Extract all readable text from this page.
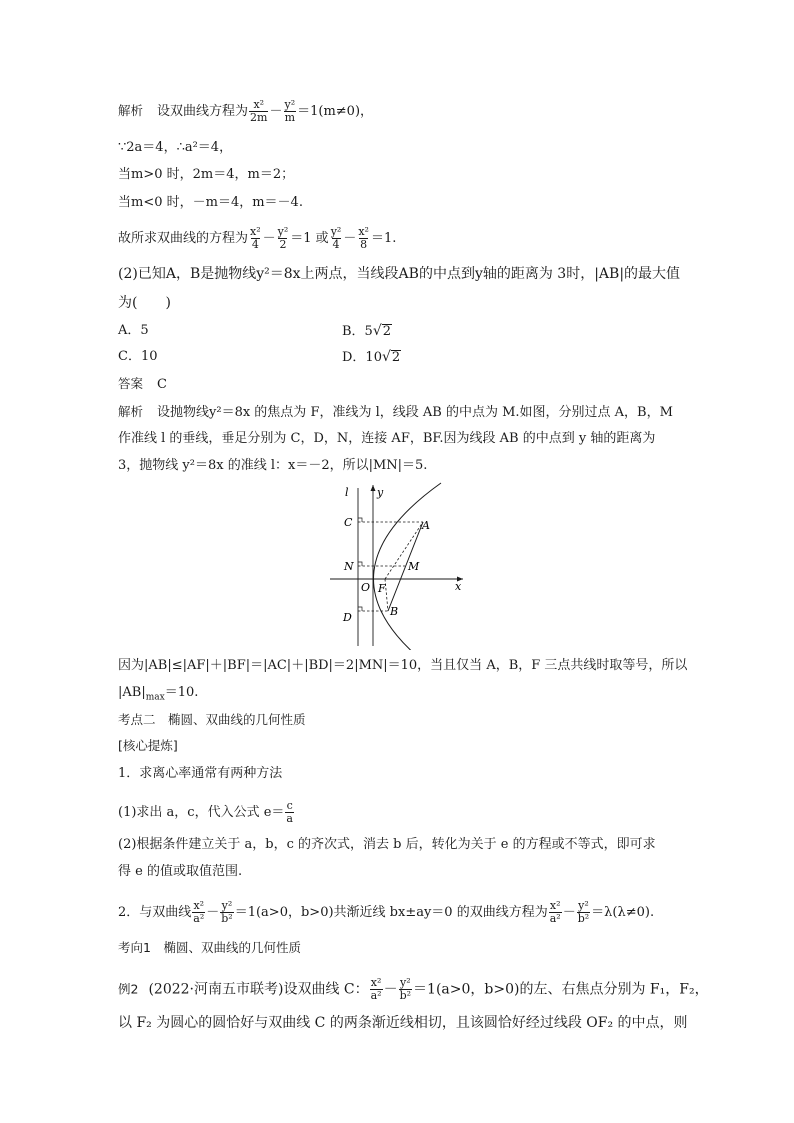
解析 设双曲线方程为 $\frac{\text{x²}}{2m} - \frac{\text{y²}}{m} =1(m\ne 0)$，
∵2a＝4，∴a²＝4，
当m>0 时，2m＝4，m＝2；
当m<0 时，－m＝4，m＝－4.
故所求双曲线的方程为 $\frac{\text{x²}}{4} - \frac{\text{y²}}{2} =1$ 或 $\frac{\text{y²}}{4} - \frac{\text{x²}}{8} =1$.
(2)已知A，B是抛物线y²＝8x上两点，当线段AB的中点到y轴的距离为 3时，|AB|的最大值
为(　　)
A．5	B．5√2
C．10	D．10√2
答案 C
解析 设抛物线y²＝8x 的焦点为 F，准线为 l，线段 AB 的中点为 M.如图，分别过点 A，B，M
作准线 l 的垂线，垂足分别为 C，D，N，连接 AF，BF.因为线段 AB 的中点到 y 轴的距离为
3，抛物线 y²＝8x 的准线 l：x＝－2，所以|MN|＝5.
l	y
x
O
A
B
C
N
D
M
F
因为|AB|≤|AF|＋|BF|＝|AC|＋|BD|＝2|MN|＝10，当且仅当 A，B，F 三点共线时取等号，所以
$|AB|_{max}=10$.
考点二　椭圆、双曲线的几何性质
[核心提炼]
1．求离心率通常有两种方法
(1)求出 a，c，代入公式 $e= \frac{c}{a}$
(2)根据条件建立关于 a，b，c 的齐次式，消去 b 后，转化为关于 e 的方程或不等式，即可求
得 e 的值或取值范围.
2．与双曲线 $\frac{\text{x²}}{\text{a²}} - \frac{\text{y²}}{\text{b²}} =1(a>0$，b>0)共渐近线 bx±ay＝0 的双曲线方程为 $\frac{\text{x²}}{\text{a²}} - \frac{\text{y²}}{\text{b²}} =\lambda(\lambda\ne 0)$.
考向1　椭圆、双曲线的几何性质
例2 (2022·河南五市联考)设双曲线 C： $\frac{\text{x²}}{\text{a²}} - \frac{\text{y²}}{\text{b²}} =1(a>0$，b>0)的左、右焦点分别为 F₁，F₂，
以 F₂ 为圆心的圆恰好与双曲线 C 的两条渐近线相切，且该圆恰好经过线段 OF₂ 的中点，则
